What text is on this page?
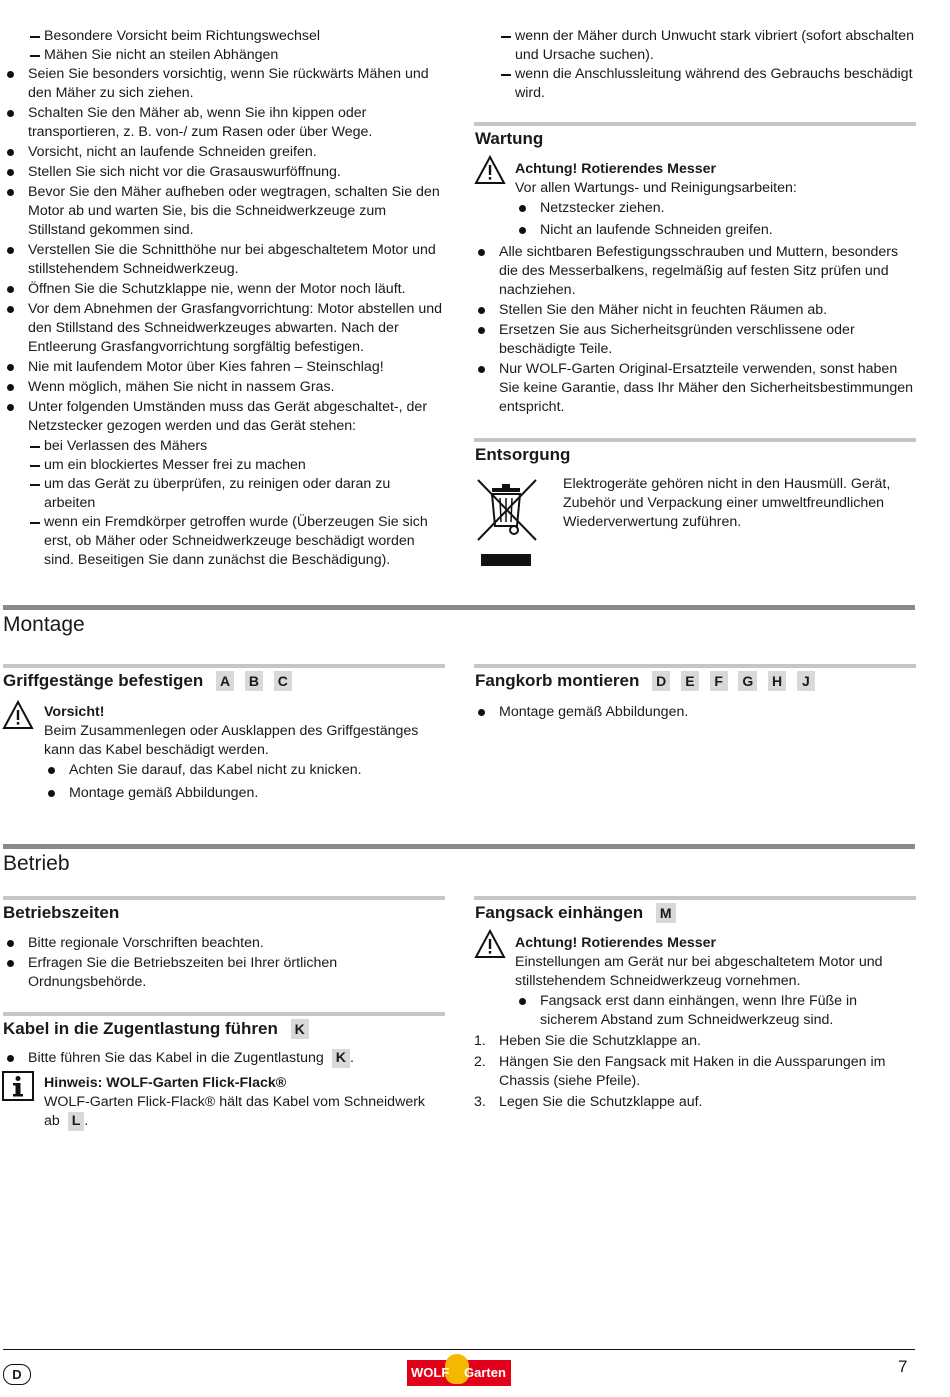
Besondere Vorsicht beim Richtungswechsel
Mähen Sie nicht an steilen Abhängen
Seien Sie besonders vorsichtig, wenn Sie rückwärts Mähen und den Mäher zu sich ziehen.
Schalten Sie den Mäher ab, wenn Sie ihn kippen oder transportieren, z. B. von-/ zum Rasen oder über Wege.
Vorsicht, nicht an laufende Schneiden greifen.
Stellen Sie sich nicht vor die Grasauswurföffnung.
Bevor Sie den Mäher aufheben oder wegtragen, schalten Sie den Motor ab und warten Sie, bis die Schneidwerkzeuge zum Stillstand gekommen sind.
Verstellen Sie die Schnitthöhe nur bei abgeschaltetem Motor und stillstehendem Schneidwerkzeug.
Öffnen Sie die Schutzklappe nie, wenn der Motor noch läuft.
Vor dem Abnehmen der Grasfangvorrichtung: Motor abstellen und den Stillstand des Schneidwerkzeuges abwarten. Nach der Entleerung Grasfangvorrichtung sorgfältig befestigen.
Nie mit laufendem Motor über Kies fahren – Steinschlag!
Wenn möglich, mähen Sie nicht in nassem Gras.
Unter folgenden Umständen muss das Gerät abgeschaltet-, der Netzstecker gezogen werden und das Gerät stehen:
bei Verlassen des Mähers
um ein blockiertes Messer frei zu machen
um das Gerät zu überprüfen, zu reinigen oder daran zu arbeiten
wenn ein Fremdkörper getroffen wurde (Überzeugen Sie sich erst, ob Mäher oder Schneidwerkzeuge beschädigt worden sind. Beseitigen Sie dann zunächst die Beschädigung).
wenn der Mäher durch Unwucht stark vibriert (sofort abschalten und Ursache suchen).
wenn die Anschlussleitung während des Gebrauchs beschädigt wird.
Wartung
Achtung! Rotierendes Messer
Vor allen Wartungs- und Reinigungsarbeiten:
Netzstecker ziehen.
Nicht an laufende Schneiden greifen.
Alle sichtbaren Befestigungsschrauben und Muttern, besonders die des Messerbalkens, regelmäßig auf festen Sitz prüfen und nachziehen.
Stellen Sie den Mäher nicht in feuchten Räumen ab.
Ersetzen Sie aus Sicherheitsgründen verschlissene oder beschädigte Teile.
Nur WOLF-Garten Original-Ersatzteile verwenden, sonst haben Sie keine Garantie, dass Ihr Mäher den Sicherheitsbestimmungen entspricht.
Entsorgung
Elektrogeräte gehören nicht in den Hausmüll. Gerät, Zubehör und Verpackung einer umweltfreundlichen Wiederverwertung zuführen.
Montage
Griffgestänge befestigen A B C
Vorsicht!
Beim Zusammenlegen oder Ausklappen des Griffgestänges kann das Kabel beschädigt werden.
Achten Sie darauf, das Kabel nicht zu knicken.
Montage gemäß Abbildungen.
Fangkorb montieren D E F G H J
Montage gemäß Abbildungen.
Betrieb
Betriebszeiten
Bitte regionale Vorschriften beachten.
Erfragen Sie die Betriebszeiten bei Ihrer örtlichen Ordnungsbehörde.
Kabel in die Zugentlastung führen K
Bitte führen Sie das Kabel in die Zugentlastung K .
Hinweis: WOLF-Garten Flick-Flack®
WOLF-Garten Flick-Flack® hält das Kabel vom Schneidwerk ab L .
Fangsack einhängen M
Achtung! Rotierendes Messer
Einstellungen am Gerät nur bei abgeschaltetem Motor und stillstehendem Schneidwerkzeug vornehmen.
Fangsack erst dann einhängen, wenn Ihre Füße in sicherem Abstand zum Schneidwerkzeug sind.
1. Heben Sie die Schutzklappe an.
2. Hängen Sie den Fangsack mit Haken in die Aussparungen im Chassis (siehe Pfeile).
3. Legen Sie die Schutzklappe auf.
D	WOLF Garten	7
